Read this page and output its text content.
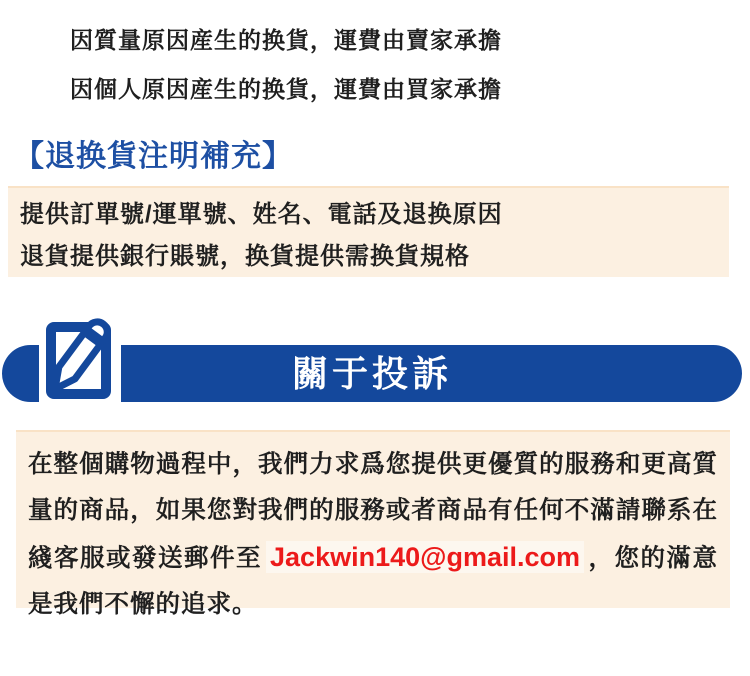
因質量原因産生的换貨，運費由賣家承擔
因個人原因産生的换貨，運費由買家承擔
【退换貨注明補充】
提供訂單號/運單號、姓名、電話及退换原因
退貨提供銀行賬號，换貨提供需换貨規格
關于投訴

在整個購物過程中，我們力求爲您提供更優質的服務和更高質量的商品，如果您對我們的服務或者商品有任何不滿請聯系在綫客服或發送郵件至 Jackwin140@gmail.com ，您的滿意是我們不懈的追求。
